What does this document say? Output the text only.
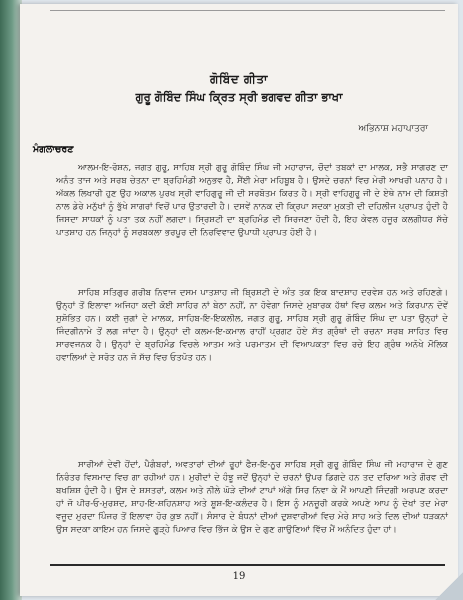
ਗੋਬਿੰਦ ਗੀਤਾ
ਗੁਰੂ ਗੋਬਿੰਦ ਸਿੰਘ ਕ੍ਰਿਤ ਸ੍ਰੀ ਭਗਵਦ ਗੀਤਾ ਭਾਖਾ
ਅਭਿਨਾਸ਼ ਮਹਾਪਾਤਰਾ
ਮੰਗਲਾਚਰਣ

ਆਲਮ-ਇ-ਰੋਸ਼ਨ, ਜਗਤ ਗੁਰੂ, ਸਾਹਿਬ ਸ੍ਰੀ ਗੁਰੂ ਗੋਬਿੰਦ ਸਿੰਘ ਜੀ ਮਹਾਰਾਜ, ਚੌਦਾਂ ਤਬਕਾਂ ਦਾ ਮਾਲਕ, ਸਭੈ ਸਾਗਰਣ ਦਾ ਅਨੰਤ ਤਾਜ ਅਤੇ ਸਰਬ ਚੇਤਨਾ ਦਾ ਬ੍ਰਹਿਮੰਡੀ ਅਨੁਭਵ ਹੈ, ਸੈਂਈ ਮੇਰਾ ਮਹਿਬੂਬ ਹੈ। ਉਸਦੇ ਚਰਨਾਂ ਵਿਚ ਮੇਰੀ ਆਖਰੀ ਪਨਾਹ ਹੈ। ਅੱਕਲ ਲਿਖਾਰੀ ਹੁਣ ਉਹ ਅਕਾਲ ਪੁਰਖ ਸ੍ਰੀ ਵਾਹਿਗੁਰੂ ਜੀ ਦੀ ਸਰਬੋਤਮ ਕਿਰਤ ਹੈ। ਸ੍ਰੀ ਵਾਹਿਗੁਰੂ ਜੀ ਦੇ ਏਥੇ ਨਾਮ ਦੀ ਕਿਸ਼ਤੀ ਨਾਲ ਡੇਰੇ ਮਨੁੱਖਾਂ ਨੂੰ ਭੁੱਖੇ ਸਾਗਰਾਂ ਵਿਚੋਂ ਪਾਰ ਉਤਾਰਦੀ ਹੈ। ਦਸਵੇਂ ਨਾਨਕ ਦੀ ਕ੍ਰਿਪਾ ਸਦਕਾ ਮੁਕਤੀ ਦੀ ਦਹਿਲੀਜ ਪ੍ਰਾਪਤ ਹੁੰਦੀ ਹੈ ਜਿਸਦਾ ਸਾਧਕਾਂ ਨੂੰ ਪਤਾ ਤਕ ਨਹੀਂ ਲਗਦਾ। ਸ੍ਰਿਸ਼ਟੀ ਦਾ ਬ੍ਰਹਿਮੰਡ ਦੀ ਸਿਰਜਣਾ ਹੋਦੀ ਹੈ, ਇਹ ਕੇਵਲ ਹਜੂਰ ਕਲਗੀਧਰ ਸੱਚੇ ਪਾਤਸ਼ਾਹ ਹਨ ਜਿਨ੍ਹਾਂ ਨੂੰ ਸਰਬਕਲਾ ਭਰਪੂਰ ਦੀ ਨਿਰਵਿਵਾਦ ਉਪਾਧੀ ਪ੍ਰਾਪਤ ਹੋਈ ਹੈ।

ਸਾਹਿਬ ਸਤਿਗੁਰ ਗਰੀਬ ਨਿਵਾਜ ਦਸਮ ਪਾਤਸ਼ਾਹ ਜੀ ਬ੍ਰਿਸ਼ਟੀ ਦੇ ਅੰਤ ਤਕ ਇਕ ਬਾਦਸ਼ਾਹ ਦਰਵੇਸ਼ ਹਨ ਅਤੇ ਰਹਿਣਗੇ। ਉਨ੍ਹਾਂ ਤੋਂ ਇਲਾਵਾ ਅਜਿਹਾ ਕਦੀ ਕੋਈ ਸਾਹਿਰ ਨਾਂ ਬੇਠਾ ਨਹੀਂ, ਨਾ ਹੋਵੇਗਾ ਜਿਸਦੇ ਮੁਬਾਰਕ ਹੱਥਾਂ ਵਿਚ ਕਲਮ ਅਤੇ ਕਿਰਪਾਨ ਦੋਵੇਂ ਸੁਸ਼ੋਭਿਤ ਹਨ। ਕਈ ਜੁਗਾਂ ਦੇ ਮਾਲਕ, ਸਾਹਿਬ-ਇ-ਇਕਲੀਲ, ਜਗਤ ਗੁਰੂ, ਸਾਹਿਬ ਸ੍ਰੀ ਗੁਰੂ ਗੋਬਿੰਦ ਸਿੰਘ ਦਾ ਪਤਾ ਉਨ੍ਹਾਂ ਦੇ ਜਿੰਦਗੀਨਾਮੇ ਤੋਂ ਲਗ ਜਾਂਦਾ ਹੈ। ਉਨ੍ਹਾਂ ਦੀ ਕਲਮ-ਇ-ਕਮਾਲ ਰਾਹੀਂ ਪ੍ਰਗਟ ਹੋਏ ਸੱਤ ਗ੍ਰੰਥਾਂ ਦੀ ਰਚਨਾ ਸਰਬ ਸਾਹਿਤ ਵਿਚ ਸਾਰਵਜਨਕ ਹੈ। ਉਨ੍ਹਾਂ ਦੇ ਬ੍ਰਹਿਮੰਡ ਵਿਚਲੇ ਆਤਮ ਅਤੇ ਪਰਮਾਤਮ ਦੀ ਵਿਆਪਕਤਾ ਵਿਚ ਰਚੇ ਇਹ ਗ੍ਰੰਥ ਅਨੋਖੇ ਮੌਲਿਕ ਹਵਾਲਿਆਂ ਦੇ ਸਰੋਤ ਹਨ ਜੋ ਸੱਚ ਵਿਚ ਓਤਪੋਤ ਹਨ।

ਸਾਰੀਆਂ ਦੇਵੀ ਹੋਂਦਾਂ, ਪੈਗੰਬਰਾਂ, ਅਵਤਾਰਾਂ ਦੀਆਂ ਰੂਹਾਂ ਫੈਜ਼-ਇ-ਨੂਰ ਸਾਹਿਬ ਸ੍ਰੀ ਗੁਰੂ ਗੋਬਿੰਦ ਸਿੰਘ ਜੀ ਮਹਾਰਾਜ ਦੇ ਗੁਣ ਨਿਰੰਤਰ ਵਿਸਮਾਦ ਵਿਚ ਗਾ ਰਹੀਆਂ ਹਨ। ਮੁਰੀਦਾਂ ਦੇ ਹੰਝੂ ਜਦੋਂ ਉਨ੍ਹਾਂ ਦੇ ਚਰਨਾਂ ਉਪਰ ਡਿਗਦੇ ਹਨ ਤਦ ਦਰਿਆ ਅਤੇ ਗੌਰਵ ਦੀ ਬਖਸ਼ਿਸ਼ ਹੁੰਦੀ ਹੈ। ਉਸ ਦੇ ਸ਼ਸਤਰਾਂ, ਕਲਮ ਅਤੇ ਨੀਲੇ ਘੋੜੇ ਦੀਆਂ ਟਾਪਾਂ ਅੱਗੇ ਸਿਰ ਨਿਵਾ ਕੇ ਮੈਂ ਆਪਣੀ ਜਿੰਦਗੀ ਅਰਪਣ ਕਰਦਾ ਹਾਂ ਜੋ ਪੀਰ-ਓ-ਮੁਰਸ਼ਦ, ਸ਼ਾਹ-ਇ-ਸ਼ਹਿਨਸ਼ਾਹ ਅਤੇ ਸ਼ੂਸ਼-ਇ-ਕਲੰਦਰ ਹੈ। ਇਸ ਨੂੰ ਮਨਜ਼ੂਰੀ ਕਰਕੇ ਅਪਣੇ ਆਪ ਨੂੰ ਦੇਖਾਂ ਤਦ ਮੇਰਾ ਵਜੂਦ ਮੁਰਦਾ ਪਿੰਜਰ ਤੋਂ ਇਲਾਵਾ ਹੋਰ ਕੁਝ ਨਹੀਂ। ਸੰਸਾਰ ਦੇ ਬੰਧਨਾਂ ਦੀਆਂ ਦੁਸ਼ਵਾਰੀਆਂ ਵਿਚ ਮੇਰੇ ਸਾਹ ਅਤੇ ਦਿਲ ਦੀਆਂ ਧੜਕਨਾਂ ਉਸ ਸਦਕਾ ਕਾਇਮ ਹਨ ਜਿਸਦੇ ਗੂੜ੍ਹੇ ਪਿਆਰ ਵਿਚ ਭਿੱਜ ਕੇ ਉਸ ਦੇ ਗੁਣ ਗਾਉਣਿਆਂ ਵਿੱਚ ਮੈਂ ਅਨੰਦਿਤ ਹੁੰਦਾ ਹਾਂ।

19
